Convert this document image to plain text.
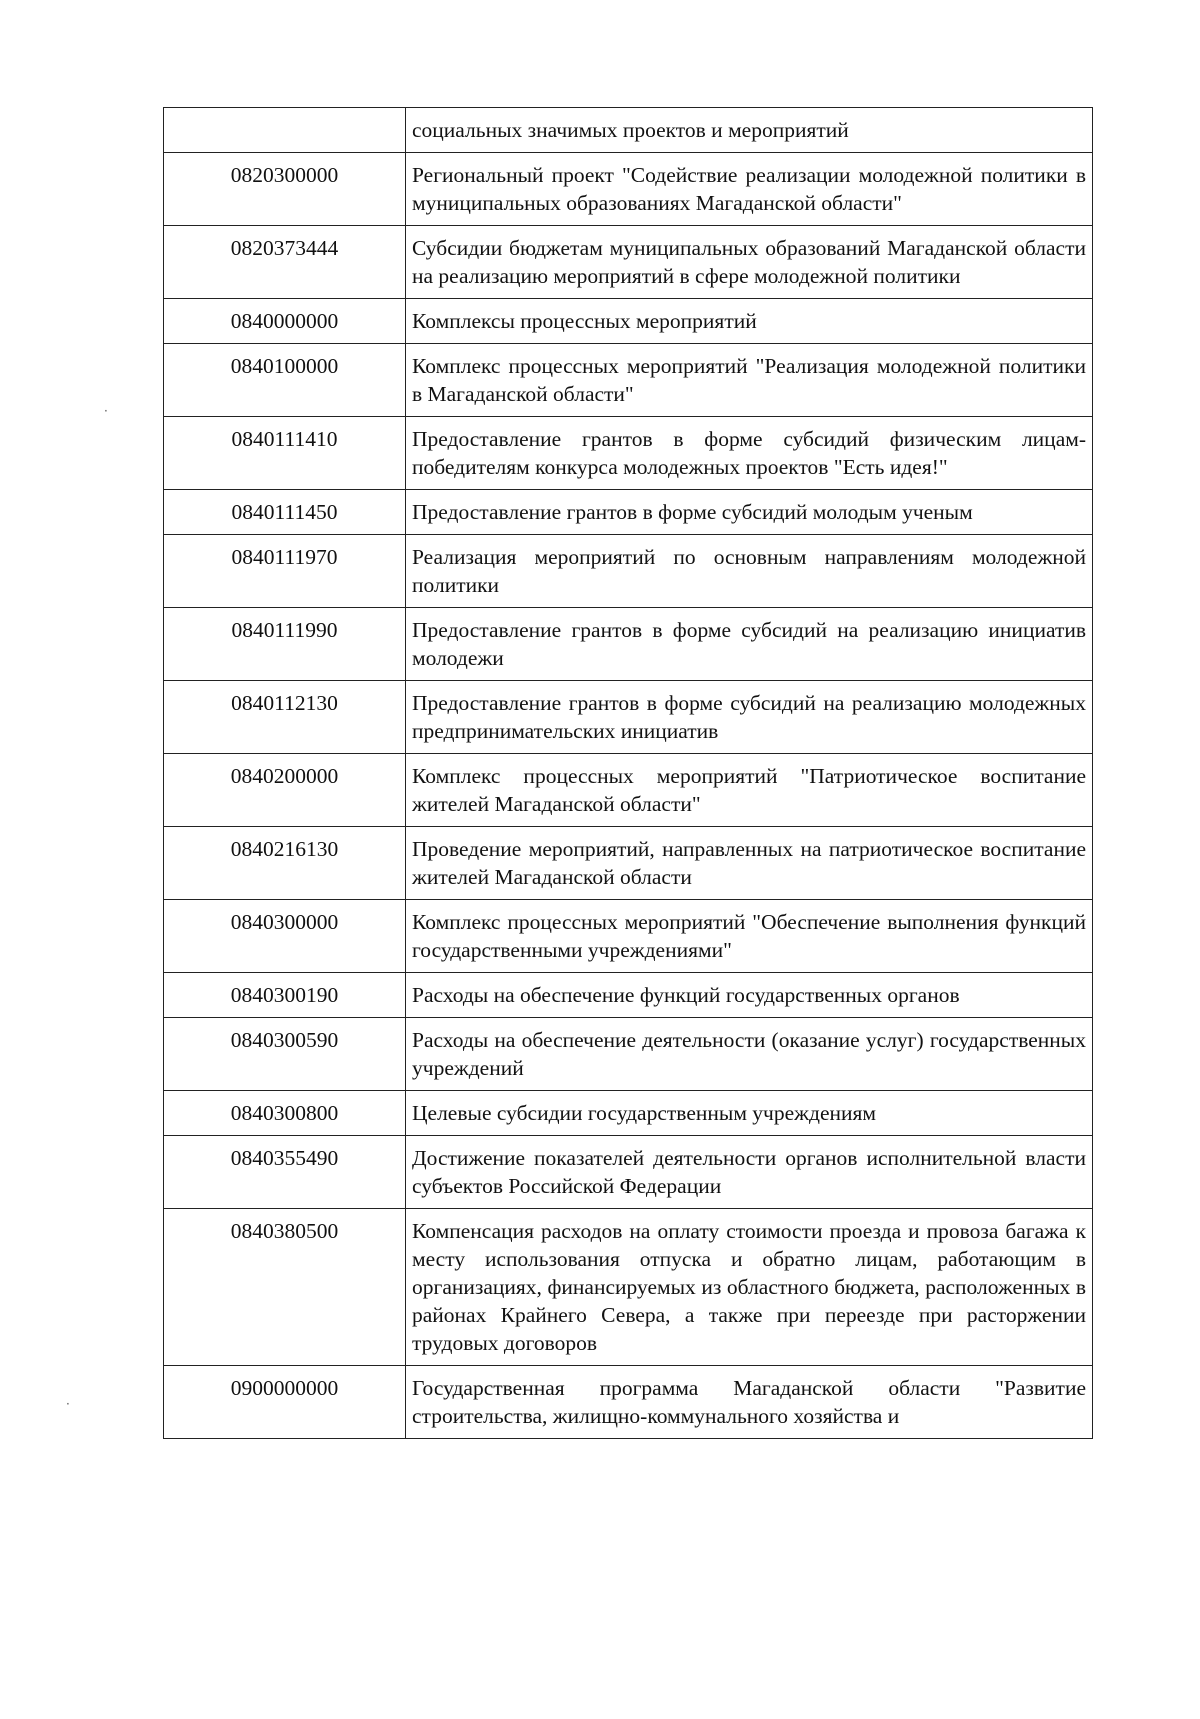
·
·
	социальных значимых проектов и мероприятий
0820300000	Региональный проект "Содействие реализации молодежной политики в муниципальных образованиях Магаданской области"
0820373444	Субсидии бюджетам муниципальных образований Магаданской области на реализацию мероприятий в сфере молодежной политики
0840000000	Комплексы процессных мероприятий
0840100000	Комплекс процессных мероприятий "Реализация молодежной политики в Магаданской области"
0840111410	Предоставление грантов в форме субсидий физическим лицам-победителям конкурса молодежных проектов "Есть идея!"
0840111450	Предоставление грантов в форме субсидий молодым ученым
0840111970	Реализация мероприятий по основным направлениям молодежной политики
0840111990	Предоставление грантов в форме субсидий на реализацию инициатив молодежи
0840112130	Предоставление грантов в форме субсидий на реализацию молодежных предпринимательских инициатив
0840200000	Комплекс процессных мероприятий "Патриотическое воспитание жителей Магаданской области"
0840216130	Проведение мероприятий, направленных на патриотическое воспитание жителей Магаданской области
0840300000	Комплекс процессных мероприятий "Обеспечение выполнения функций государственными учреждениями"
0840300190	Расходы на обеспечение функций государственных органов
0840300590	Расходы на обеспечение деятельности (оказание услуг) государственных учреждений
0840300800	Целевые субсидии государственным учреждениям
0840355490	Достижение показателей деятельности органов исполнительной власти субъектов Российской Федерации
0840380500	Компенсация расходов на оплату стоимости проезда и провоза багажа к месту использования отпуска и обратно лицам, работающим в организациях, финансируемых из областного бюджета, расположенных в районах Крайнего Севера, а также при переезде при расторжении трудовых договоров
0900000000	Государственная программа Магаданской области "Развитие строительства, жилищно-коммунального хозяйства и
